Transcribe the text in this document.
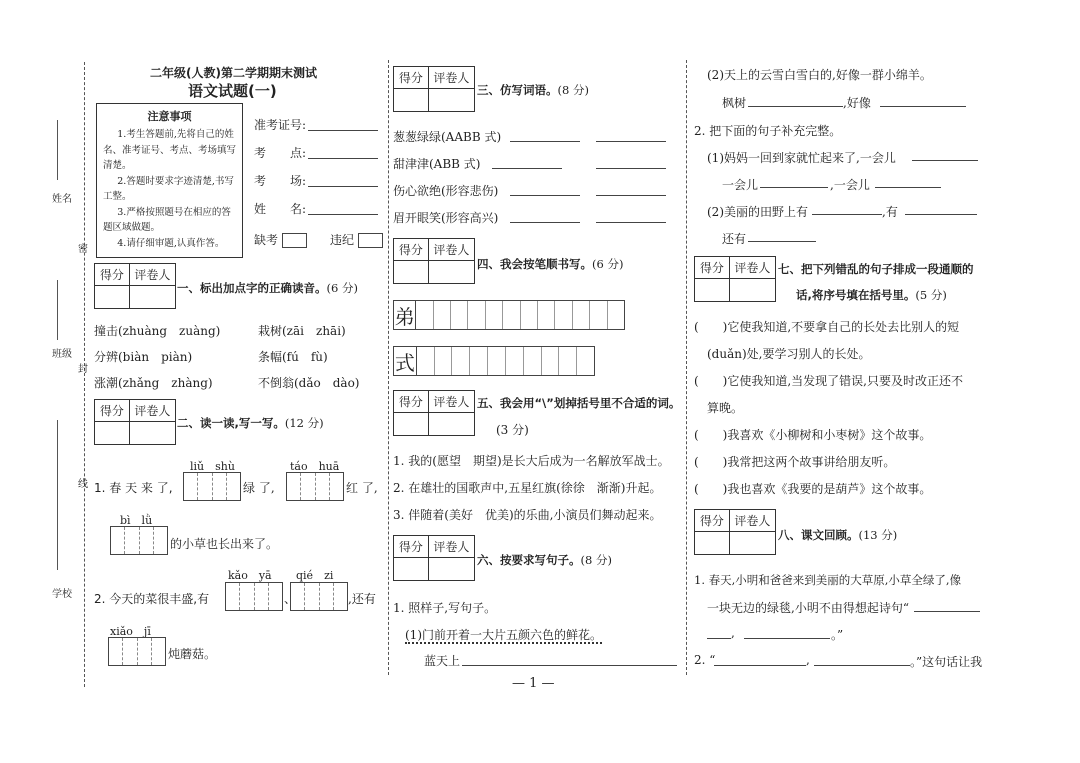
姓名
班级
学校
密
封
线
二年级(人教)第二学期期末测试
语文试题(一)
注意事项
1.考生答题前,先将自己的姓名、准考证号、考点、考场填写清楚。
2.答题时要求字迹清楚,书写工整。
3.严格按照题号在相应的答题区域做题。
4.请仔细审题,认真作答。
准考证号:
考　　点:
考　　场:
姓　　名:
缺考	违纪
得分 评卷人
一、标出加点字的正确读音。(6 分)
撞击(zhuàng　zuàng)	栽树(zāi　zhāi)
分辨(biàn　piàn)	条幅(fú　fù)
涨潮(zhǎng　zhàng)	不倒翁(dǎo　dào)
得分 评卷人
二、读一读,写一写。(12 分)
liǔ　shù	táo　huā
1. 春 天 来 了,	绿 了,	红 了,
bì　lǜ
的小草也长出来了。
kǎo　yā qié　zi
2. 今天的菜很丰盛,有	、	,还有
xiǎo　jī
炖蘑菇。
得分 评卷人
三、仿写词语。(8 分)
葱葱绿绿(AABB 式)
甜津津(ABB 式)
伤心欲绝(形容悲伤)
眉开眼笑(形容高兴)
得分 评卷人
四、我会按笔顺书写。(6 分)
弟
式
得分 评卷人 五、我会用“\”划掉括号里不合适的词。
(3 分)
1. 我的(愿望　期望)是长大后成为一名解放军战士。
2. 在雄壮的国歌声中,五星红旗(徐徐　渐渐)升起。
3. 伴随着(美好　优美)的乐曲,小演员们舞动起来。
得分 评卷人
六、按要求写句子。(8 分)
1. 照样子,写句子。
(1)门前开着一大片五颜六色的鲜花。
蓝天上
(2)天上的云雪白雪白的,好像一群小绵羊。
枫树	,好像
2. 把下面的句子补充完整。
(1)妈妈一回到家就忙起来了,一会儿
一会儿	,一会儿
(2)美丽的田野上有	,有
还有
得分 评卷人 七、把下列错乱的句子排成一段通顺的
话,将序号填在括号里。(5 分)
(　　)它使我知道,不要拿自己的长处去比别人的短
(duǎn)处,要学习别人的长处。
(　　)它使我知道,当发现了错误,只要及时改正还不
算晚。
(　　)我喜欢《小柳树和小枣树》这个故事。
(　　)我常把这两个故事讲给朋友听。
(　　)我也喜欢《我要的是葫芦》这个故事。
得分 评卷人
八、课文回顾。(13 分)
1. 春天,小明和爸爸来到美丽的大草原,小草全绿了,像
一块无边的绿毯,小明不由得想起诗句“
,	。”
2. “	,	。”这句话让我
— 1 —
